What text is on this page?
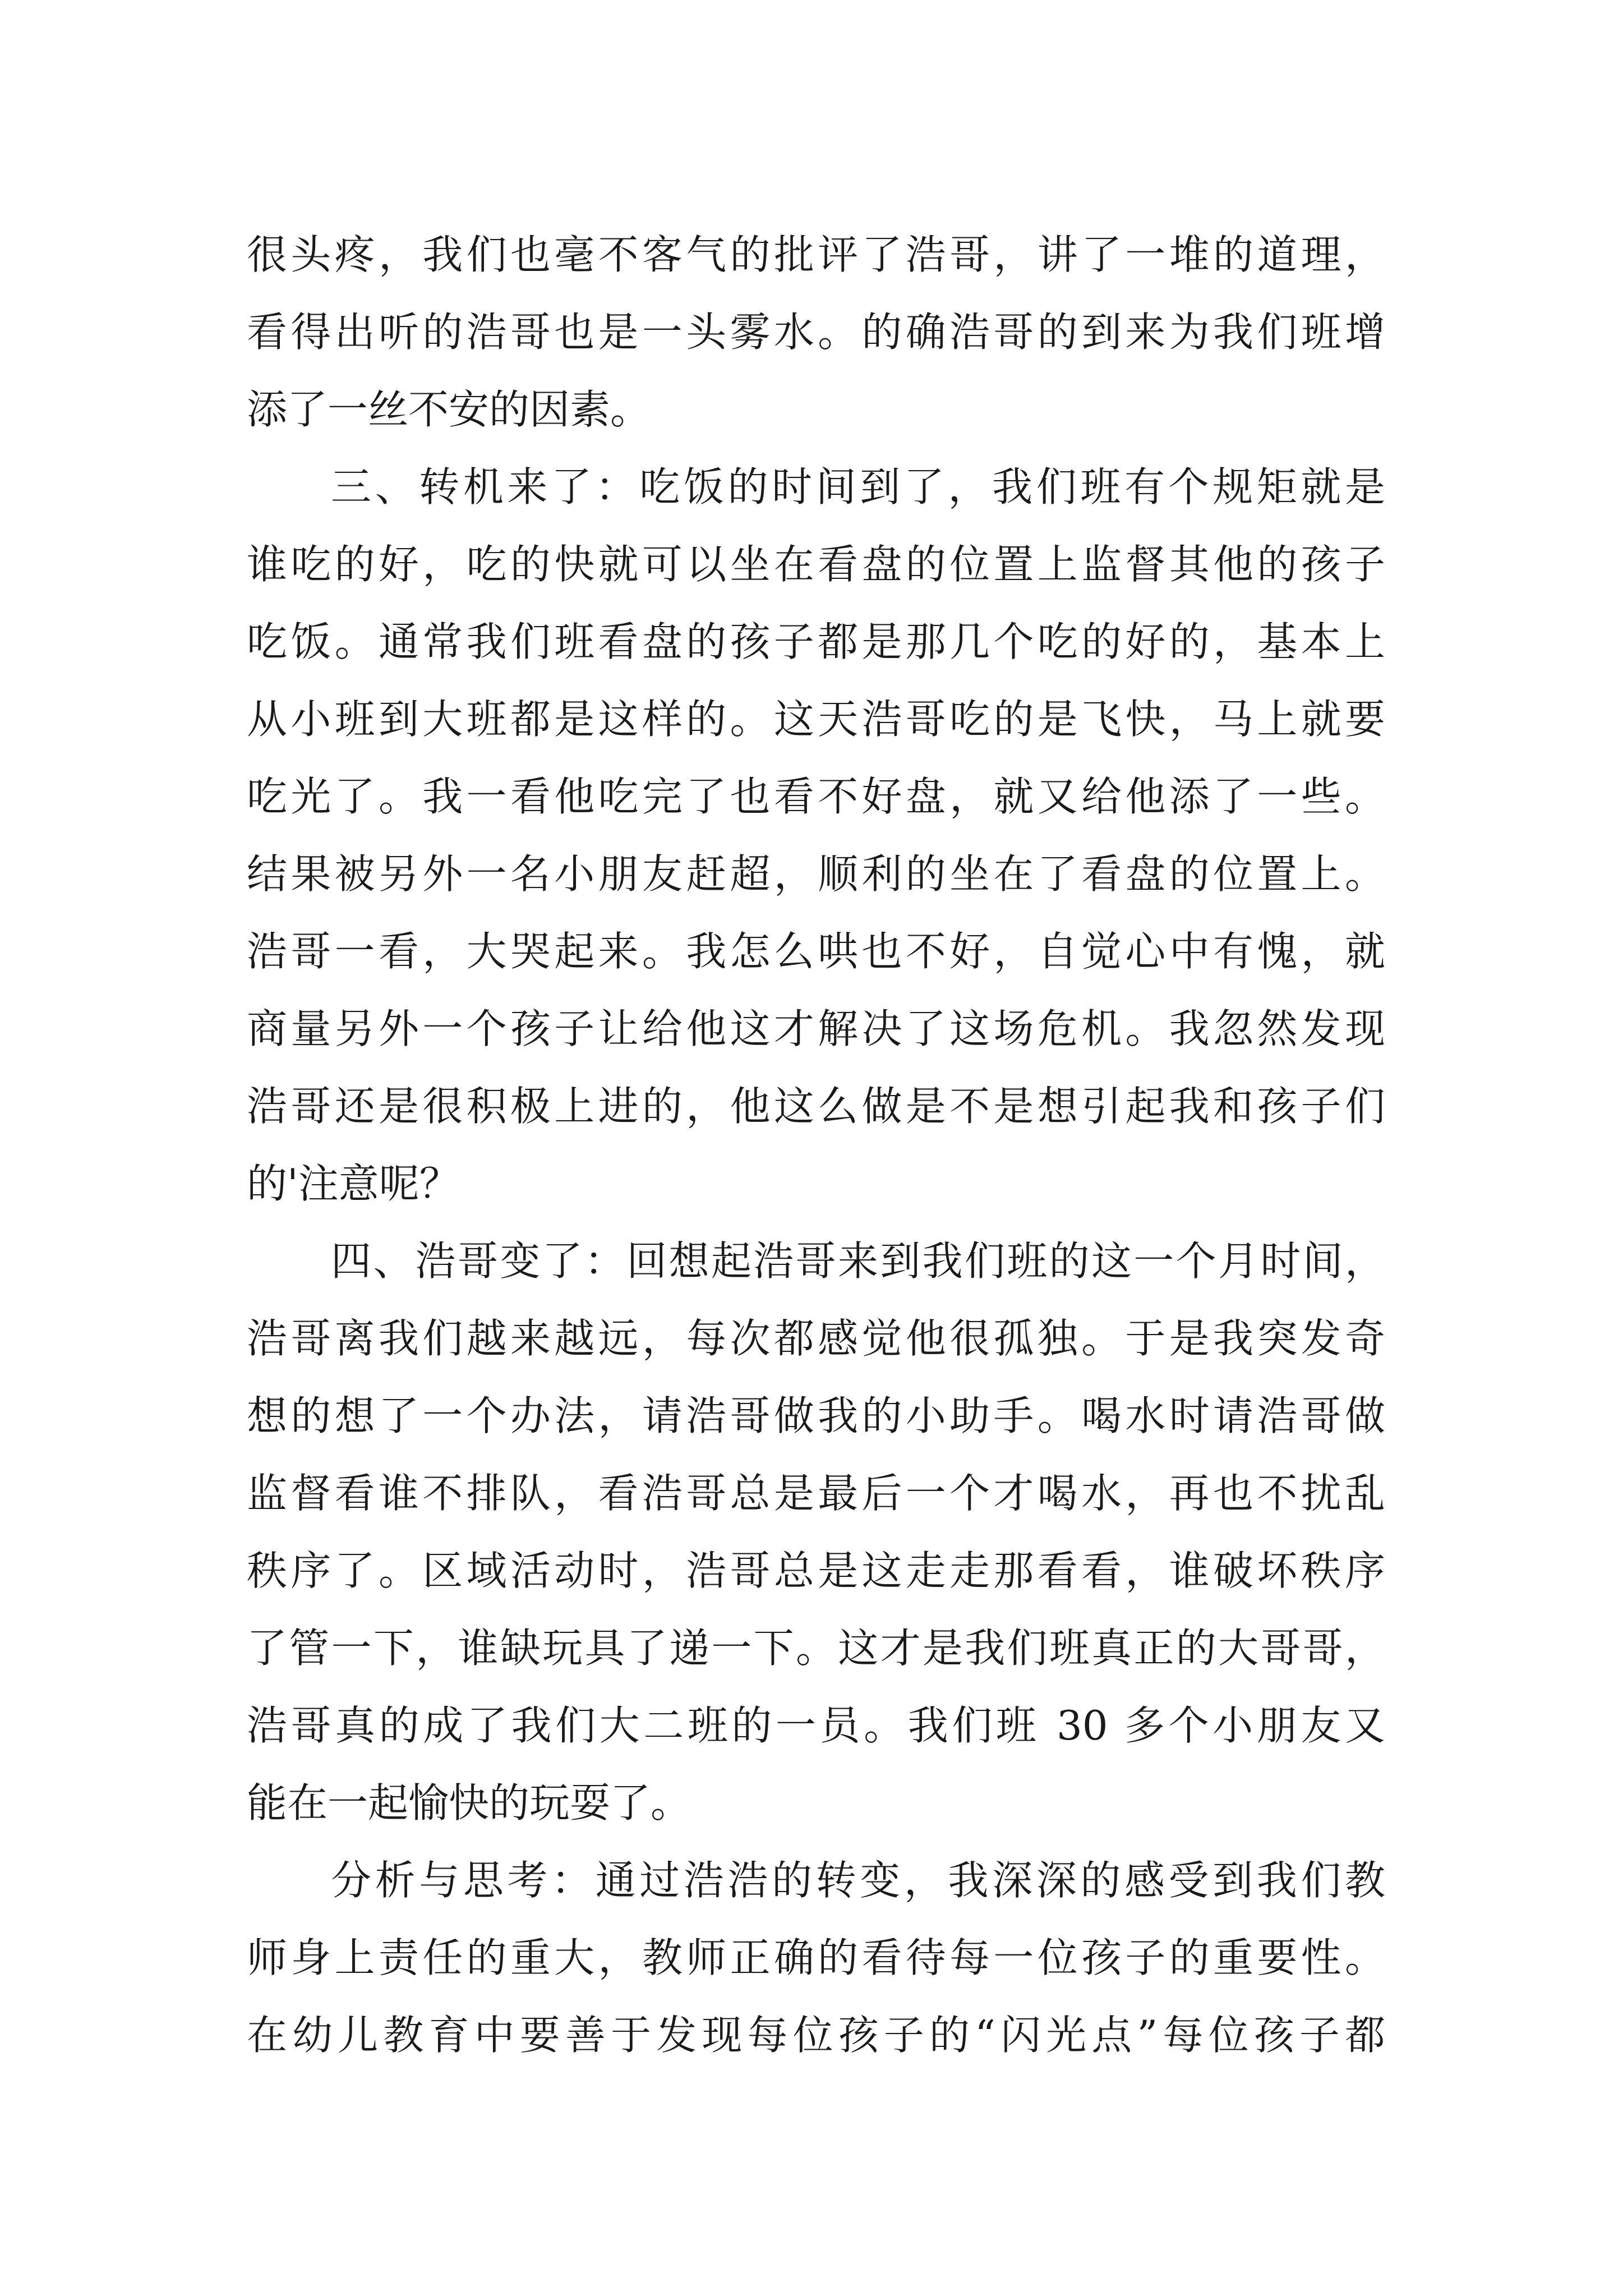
很头疼，我们也毫不客气的批评了浩哥，讲了一堆的道理，
看得出听的浩哥也是一头雾水。的确浩哥的到来为我们班增
添了一丝不安的因素。
三、转机来了：吃饭的时间到了，我们班有个规矩就是
谁吃的好，吃的快就可以坐在看盘的位置上监督其他的孩子
吃饭。通常我们班看盘的孩子都是那几个吃的好的，基本上
从小班到大班都是这样的。这天浩哥吃的是飞快，马上就要
吃光了。我一看他吃完了也看不好盘，就又给他添了一些。
结果被另外一名小朋友赶超，顺利的坐在了看盘的位置上。
浩哥一看，大哭起来。我怎么哄也不好，自觉心中有愧，就
商量另外一个孩子让给他这才解决了这场危机。我忽然发现
浩哥还是很积极上进的，他这么做是不是想引起我和孩子们
的'注意呢？
四、浩哥变了：回想起浩哥来到我们班的这一个月时间，
浩哥离我们越来越远，每次都感觉他很孤独。于是我突发奇
想的想了一个办法，请浩哥做我的小助手。喝水时请浩哥做
监督看谁不排队，看浩哥总是最后一个才喝水，再也不扰乱
秩序了。区域活动时，浩哥总是这走走那看看，谁破坏秩序
了管一下，谁缺玩具了递一下。这才是我们班真正的大哥哥，
浩哥真的成了我们大二班的一员。我们班 30 多个小朋友又
能在一起愉快的玩耍了。
分析与思考：通过浩浩的转变，我深深的感受到我们教
师身上责任的重大，教师正确的看待每一位孩子的重要性。
在幼儿教育中要善于发现每位孩子的“闪光点”每位孩子都
